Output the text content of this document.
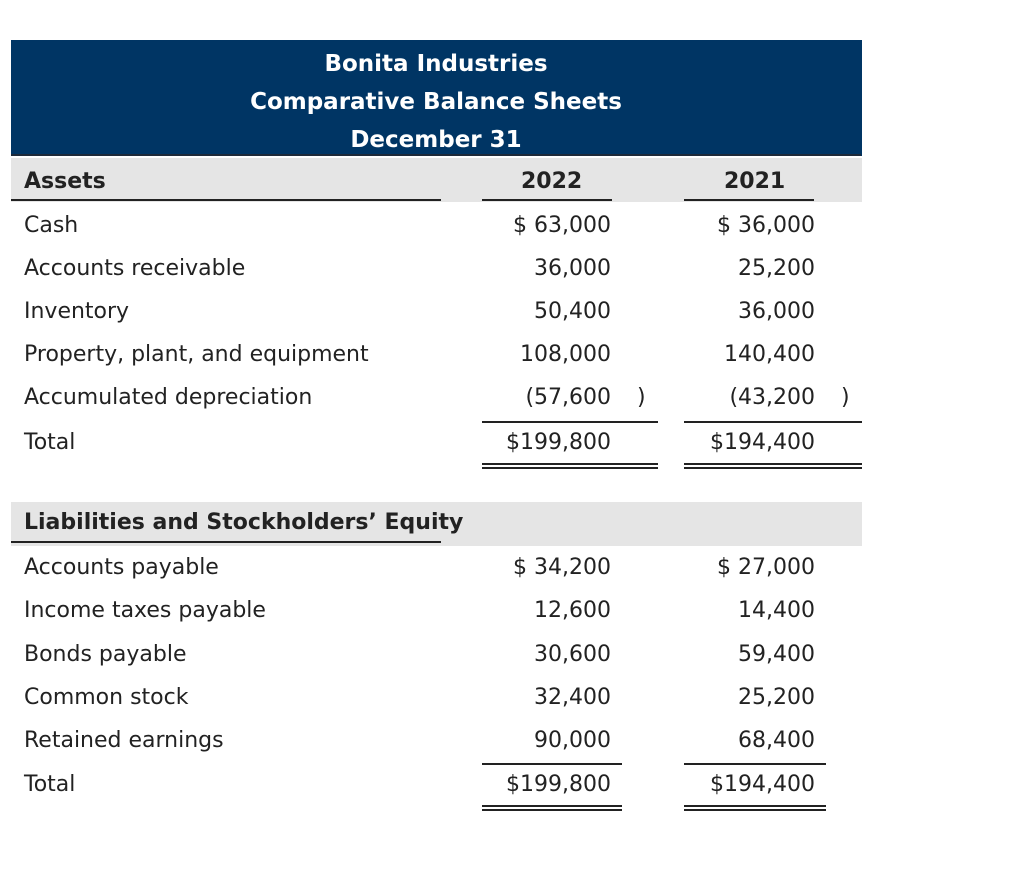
Bonita Industries
Comparative Balance Sheets
December 31
Assets	2022	2021
Cash	$ 63,000	$ 36,000
Accounts receivable	36,000	25,200
Inventory	50,400	36,000
Property, plant, and equipment	108,000	140,400
Accumulated depreciation	(57,600 )	(43,200 )
Total	$199,800	$194,400
Liabilities and Stockholders’ Equity
Accounts payable	$ 34,200	$ 27,000
Income taxes payable	12,600	14,400
Bonds payable	30,600	59,400
Common stock	32,400	25,200
Retained earnings	90,000	68,400
Total	$199,800	$194,400
